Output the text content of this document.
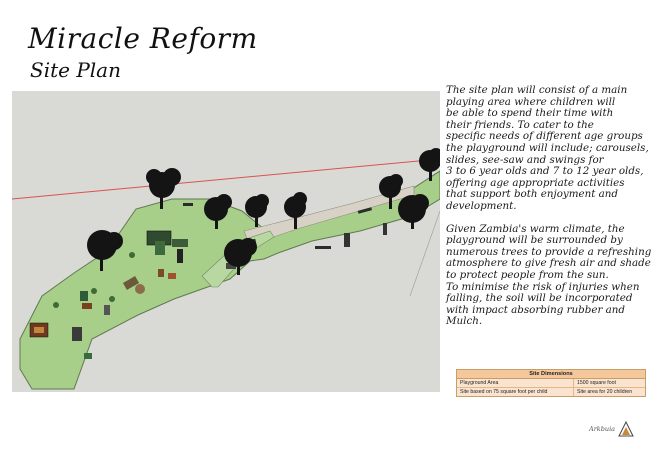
Miracle Reform
Site Plan

The site plan will consist of a main
playing area where children will
be able to spend their time with
their friends. To cater to the
specific needs of different age groups
the playground will include; carousels,
slides, see-saw and swings for
3 to 6 year olds and 7 to 12 year olds,
offering age appropriate activities
that support both enjoyment and
development.

Given Zambia's warm climate, the
playground will be surrounded by
numerous trees to provide a refreshing
atmosphere to give fresh air and shade
to protect people from the sun.

To minimise the risk of injuries when
falling, the soil will be incorporated
with impact absorbing rubber and
Mulch.

Site Dimensions
Playground Area	1500 square foot
Site based on 75 square foot per child	Site area for 20 children
Arkbuia
